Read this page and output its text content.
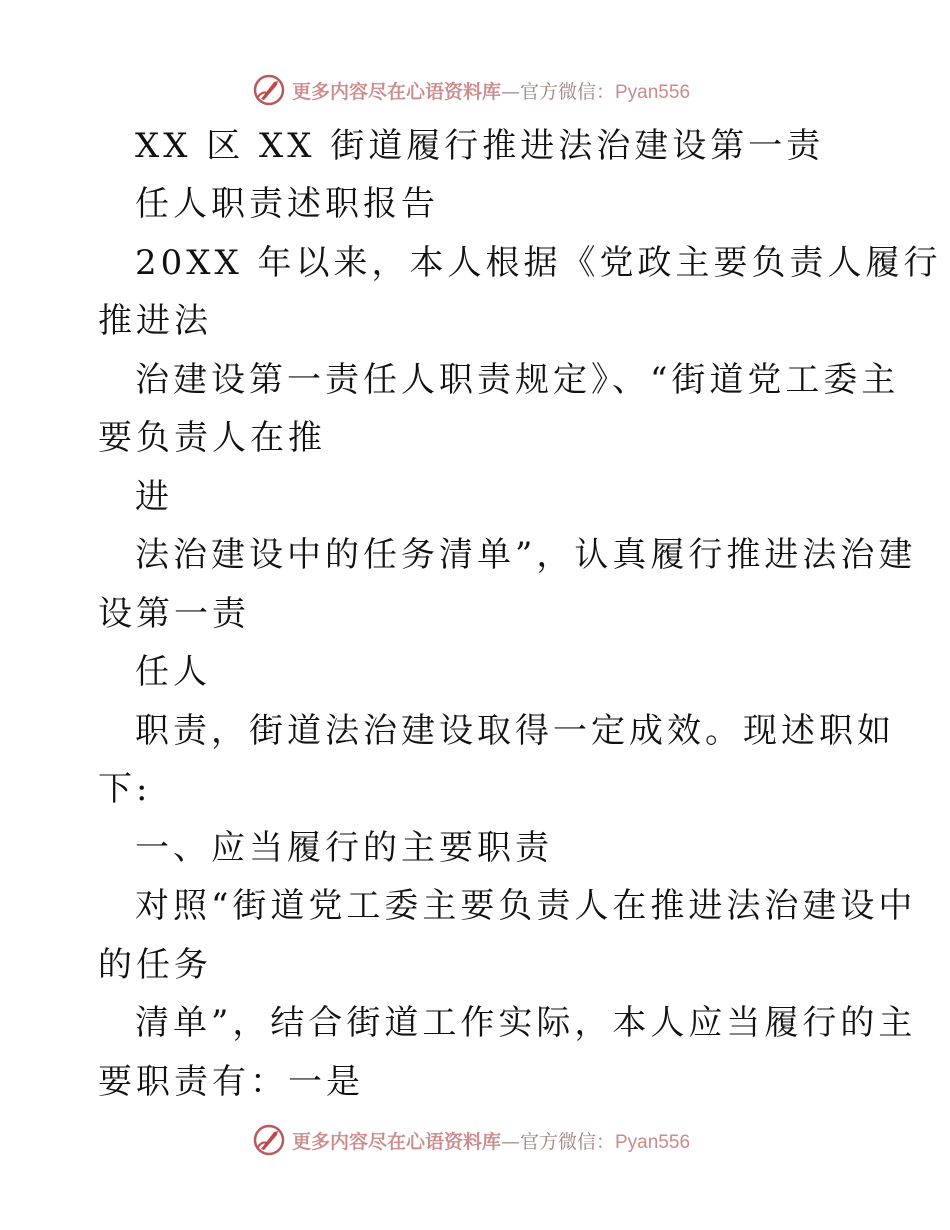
更多内容尽在心语资料库—官方微信：Pyan556
XX 区 XX 街道履行推进法治建设第一责
任人职责述职报告
20XX 年以来，本人根据《党政主要负责人履行
推进法
治建设第一责任人职责规定》、“街道党工委主
要负责人在推
进
法治建设中的任务清单”，认真履行推进法治建
设第一责
任人
职责，街道法治建设取得一定成效。现述职如
下:
一、应当履行的主要职责
对照“街道党工委主要负责人在推进法治建设中
的任务
清单”，结合街道工作实际，本人应当履行的主
要职责有：一是
更多内容尽在心语资料库—官方微信：Pyan556
